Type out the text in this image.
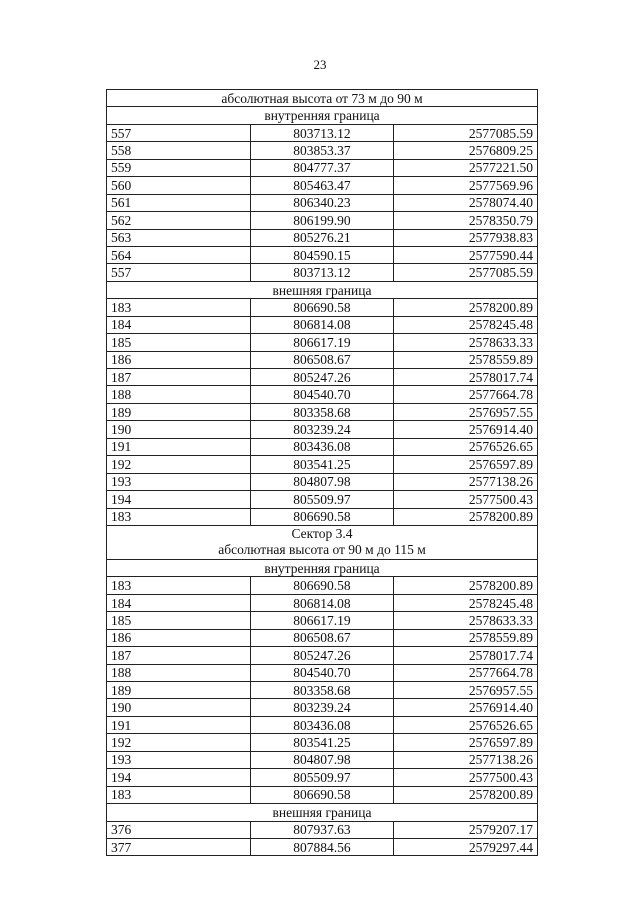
23
абсолютная высота от 73 м до 90 м		
внутренняя граница		
557	803713.12	2577085.59
558	803853.37	2576809.25
559	804777.37	2577221.50
560	805463.47	2577569.96
561	806340.23	2578074.40
562	806199.90	2578350.79
563	805276.21	2577938.83
564	804590.15	2577590.44
557	803713.12	2577085.59
внешняя граница		
183	806690.58	2578200.89
184	806814.08	2578245.48
185	806617.19	2578633.33
186	806508.67	2578559.89
187	805247.26	2578017.74
188	804540.70	2577664.78
189	803358.68	2576957.55
190	803239.24	2576914.40
191	803436.08	2576526.65
192	803541.25	2576597.89
193	804807.98	2577138.26
194	805509.97	2577500.43
183	806690.58	2578200.89

Сектор 3.4
абсолютная высота от 90 м до 115 м		

внутренняя граница		
183	806690.58	2578200.89
184	806814.08	2578245.48
185	806617.19	2578633.33
186	806508.67	2578559.89
187	805247.26	2578017.74
188	804540.70	2577664.78
189	803358.68	2576957.55
190	803239.24	2576914.40
191	803436.08	2576526.65
192	803541.25	2576597.89
193	804807.98	2577138.26
194	805509.97	2577500.43
183	806690.58	2578200.89
внешняя граница		
376	807937.63	2579207.17
377	807884.56	2579297.44
